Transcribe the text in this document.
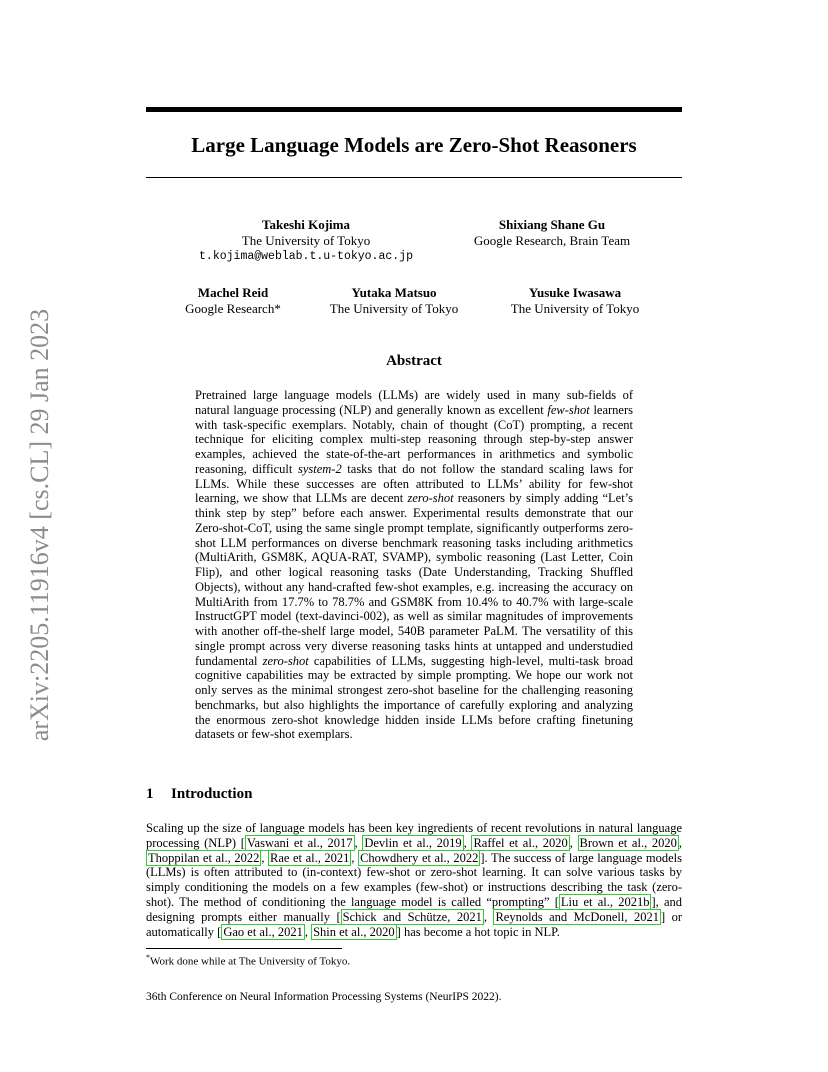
arXiv:2205.11916v4 [cs.CL] 29 Jan 2023
Large Language Models are Zero-Shot Reasoners
Takeshi Kojima
The University of Tokyo
t.kojima@weblab.t.u-tokyo.ac.jp
Shixiang Shane Gu
Google Research, Brain Team
Machel Reid
Google Research*
Yutaka Matsuo
The University of Tokyo
Yusuke Iwasawa
The University of Tokyo
Abstract

Pretrained large language models (LLMs) are widely used in many sub-fields of natural language processing (NLP) and generally known as excellent few-shot learners with task-specific exemplars. Notably, chain of thought (CoT) prompting, a recent technique for eliciting complex multi-step reasoning through step-by-step answer examples, achieved the state-of-the-art performances in arithmetics and symbolic reasoning, difficult system-2 tasks that do not follow the standard scaling laws for LLMs. While these successes are often attributed to LLMs’ ability for few-shot learning, we show that LLMs are decent zero-shot reasoners by simply adding “Let’s think step by step” before each answer. Experimental results demonstrate that our Zero-shot-CoT, using the same single prompt template, significantly outperforms zero-shot LLM performances on diverse benchmark reasoning tasks including arithmetics (MultiArith, GSM8K, AQUA-RAT, SVAMP), symbolic reasoning (Last Letter, Coin Flip), and other logical reasoning tasks (Date Understanding, Tracking Shuffled Objects), without any hand-crafted few-shot examples, e.g. increasing the accuracy on MultiArith from 17.7% to 78.7% and GSM8K from 10.4% to 40.7% with large-scale InstructGPT model (text-davinci-002), as well as similar magnitudes of improvements with another off-the-shelf large model, 540B parameter PaLM. The versatility of this single prompt across very diverse reasoning tasks hints at untapped and understudied fundamental zero-shot capabilities of LLMs, suggesting high-level, multi-task broad cognitive capabilities may be extracted by simple prompting. We hope our work not only serves as the minimal strongest zero-shot baseline for the challenging reasoning benchmarks, but also highlights the importance of carefully exploring and analyzing the enormous zero-shot knowledge hidden inside LLMs before crafting finetuning datasets or few-shot exemplars.

1 Introduction

Scaling up the size of language models has been key ingredients of recent revolutions in natural language processing (NLP) [ Vaswani et al., 2017 , Devlin et al., 2019 , Raffel et al., 2020 , Brown et al., 2020 , Thoppilan et al., 2022 , Rae et al., 2021 , Chowdhery et al., 2022 ]. The success of large language models (LLMs) is often attributed to (in-context) few-shot or zero-shot learning. It can solve various tasks by simply conditioning the models on a few examples (few-shot) or instructions describing the task (zero-shot). The method of conditioning the language model is called “prompting” [ Liu et al., 2021b ], and designing prompts either manually [ Schick and Schütze, 2021 , Reynolds and McDonell, 2021 ] or automatically [ Gao et al., 2021 , Shin et al., 2020 ] has become a hot topic in NLP.

*Work done while at The University of Tokyo.

36th Conference on Neural Information Processing Systems (NeurIPS 2022).
